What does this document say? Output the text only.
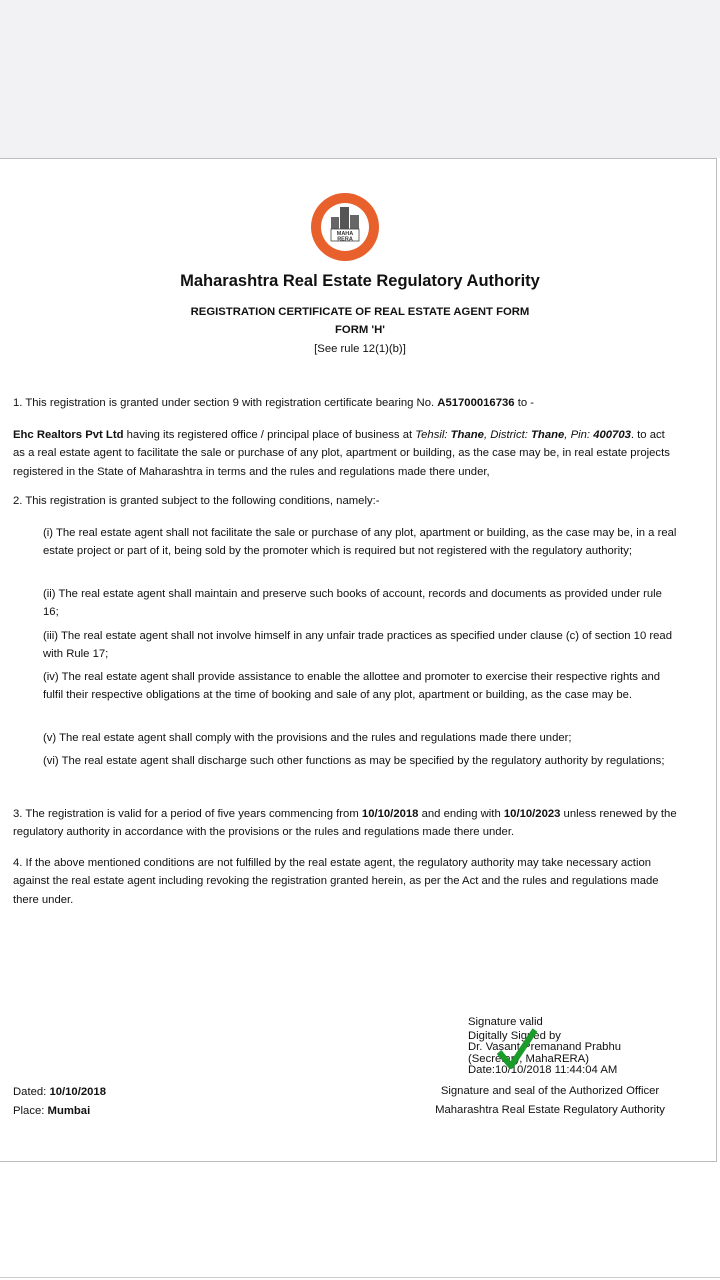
MAHA
RERA
Maharashtra Real Estate Regulatory Authority
REGISTRATION CERTIFICATE OF REAL ESTATE AGENT FORM
FORM 'H'
[See rule 12(1)(b)]
1. This registration is granted under section 9 with registration certificate bearing No. A51700016736 to -
Ehc Realtors Pvt Ltd having its registered office / principal place of business at Tehsil: Thane, District: Thane, Pin: 400703. to act as a real estate agent to facilitate the sale or purchase of any plot, apartment or building, as the case may be, in real estate projects registered in the State of Maharashtra in terms and the rules and regulations made there under,
2. This registration is granted subject to the following conditions, namely:-
(i) The real estate agent shall not facilitate the sale or purchase of any plot, apartment or building, as the case may be, in a real estate project or part of it, being sold by the promoter which is required but not registered with the regulatory authority;
(ii) The real estate agent shall maintain and preserve such books of account, records and documents as provided under rule 16;
(iii) The real estate agent shall not involve himself in any unfair trade practices as specified under clause (c) of section 10 read with Rule 17;
(iv) The real estate agent shall provide assistance to enable the allottee and promoter to exercise their respective rights and fulfil their respective obligations at the time of booking and sale of any plot, apartment or building, as the case may be.
(v) The real estate agent shall comply with the provisions and the rules and regulations made there under;
(vi) The real estate agent shall discharge such other functions as may be specified by the regulatory authority by regulations;
3. The registration is valid for a period of five years commencing from 10/10/2018 and ending with 10/10/2023 unless renewed by the regulatory authority in accordance with the provisions or the rules and regulations made there under.
4. If the above mentioned conditions are not fulfilled by the real estate agent, the regulatory authority may take necessary action against the real estate agent including revoking the registration granted herein, as per the Act and the rules and regulations made there under.
Signature valid
Digitally Signed by
Dr. Vasant Premanand Prabhu
(Secretary, MahaRERA)
Date:10/10/2018 11:44:04 AM
Signature and seal of the Authorized Officer
Maharashtra Real Estate Regulatory Authority
Dated: 10/10/2018
Place: Mumbai
